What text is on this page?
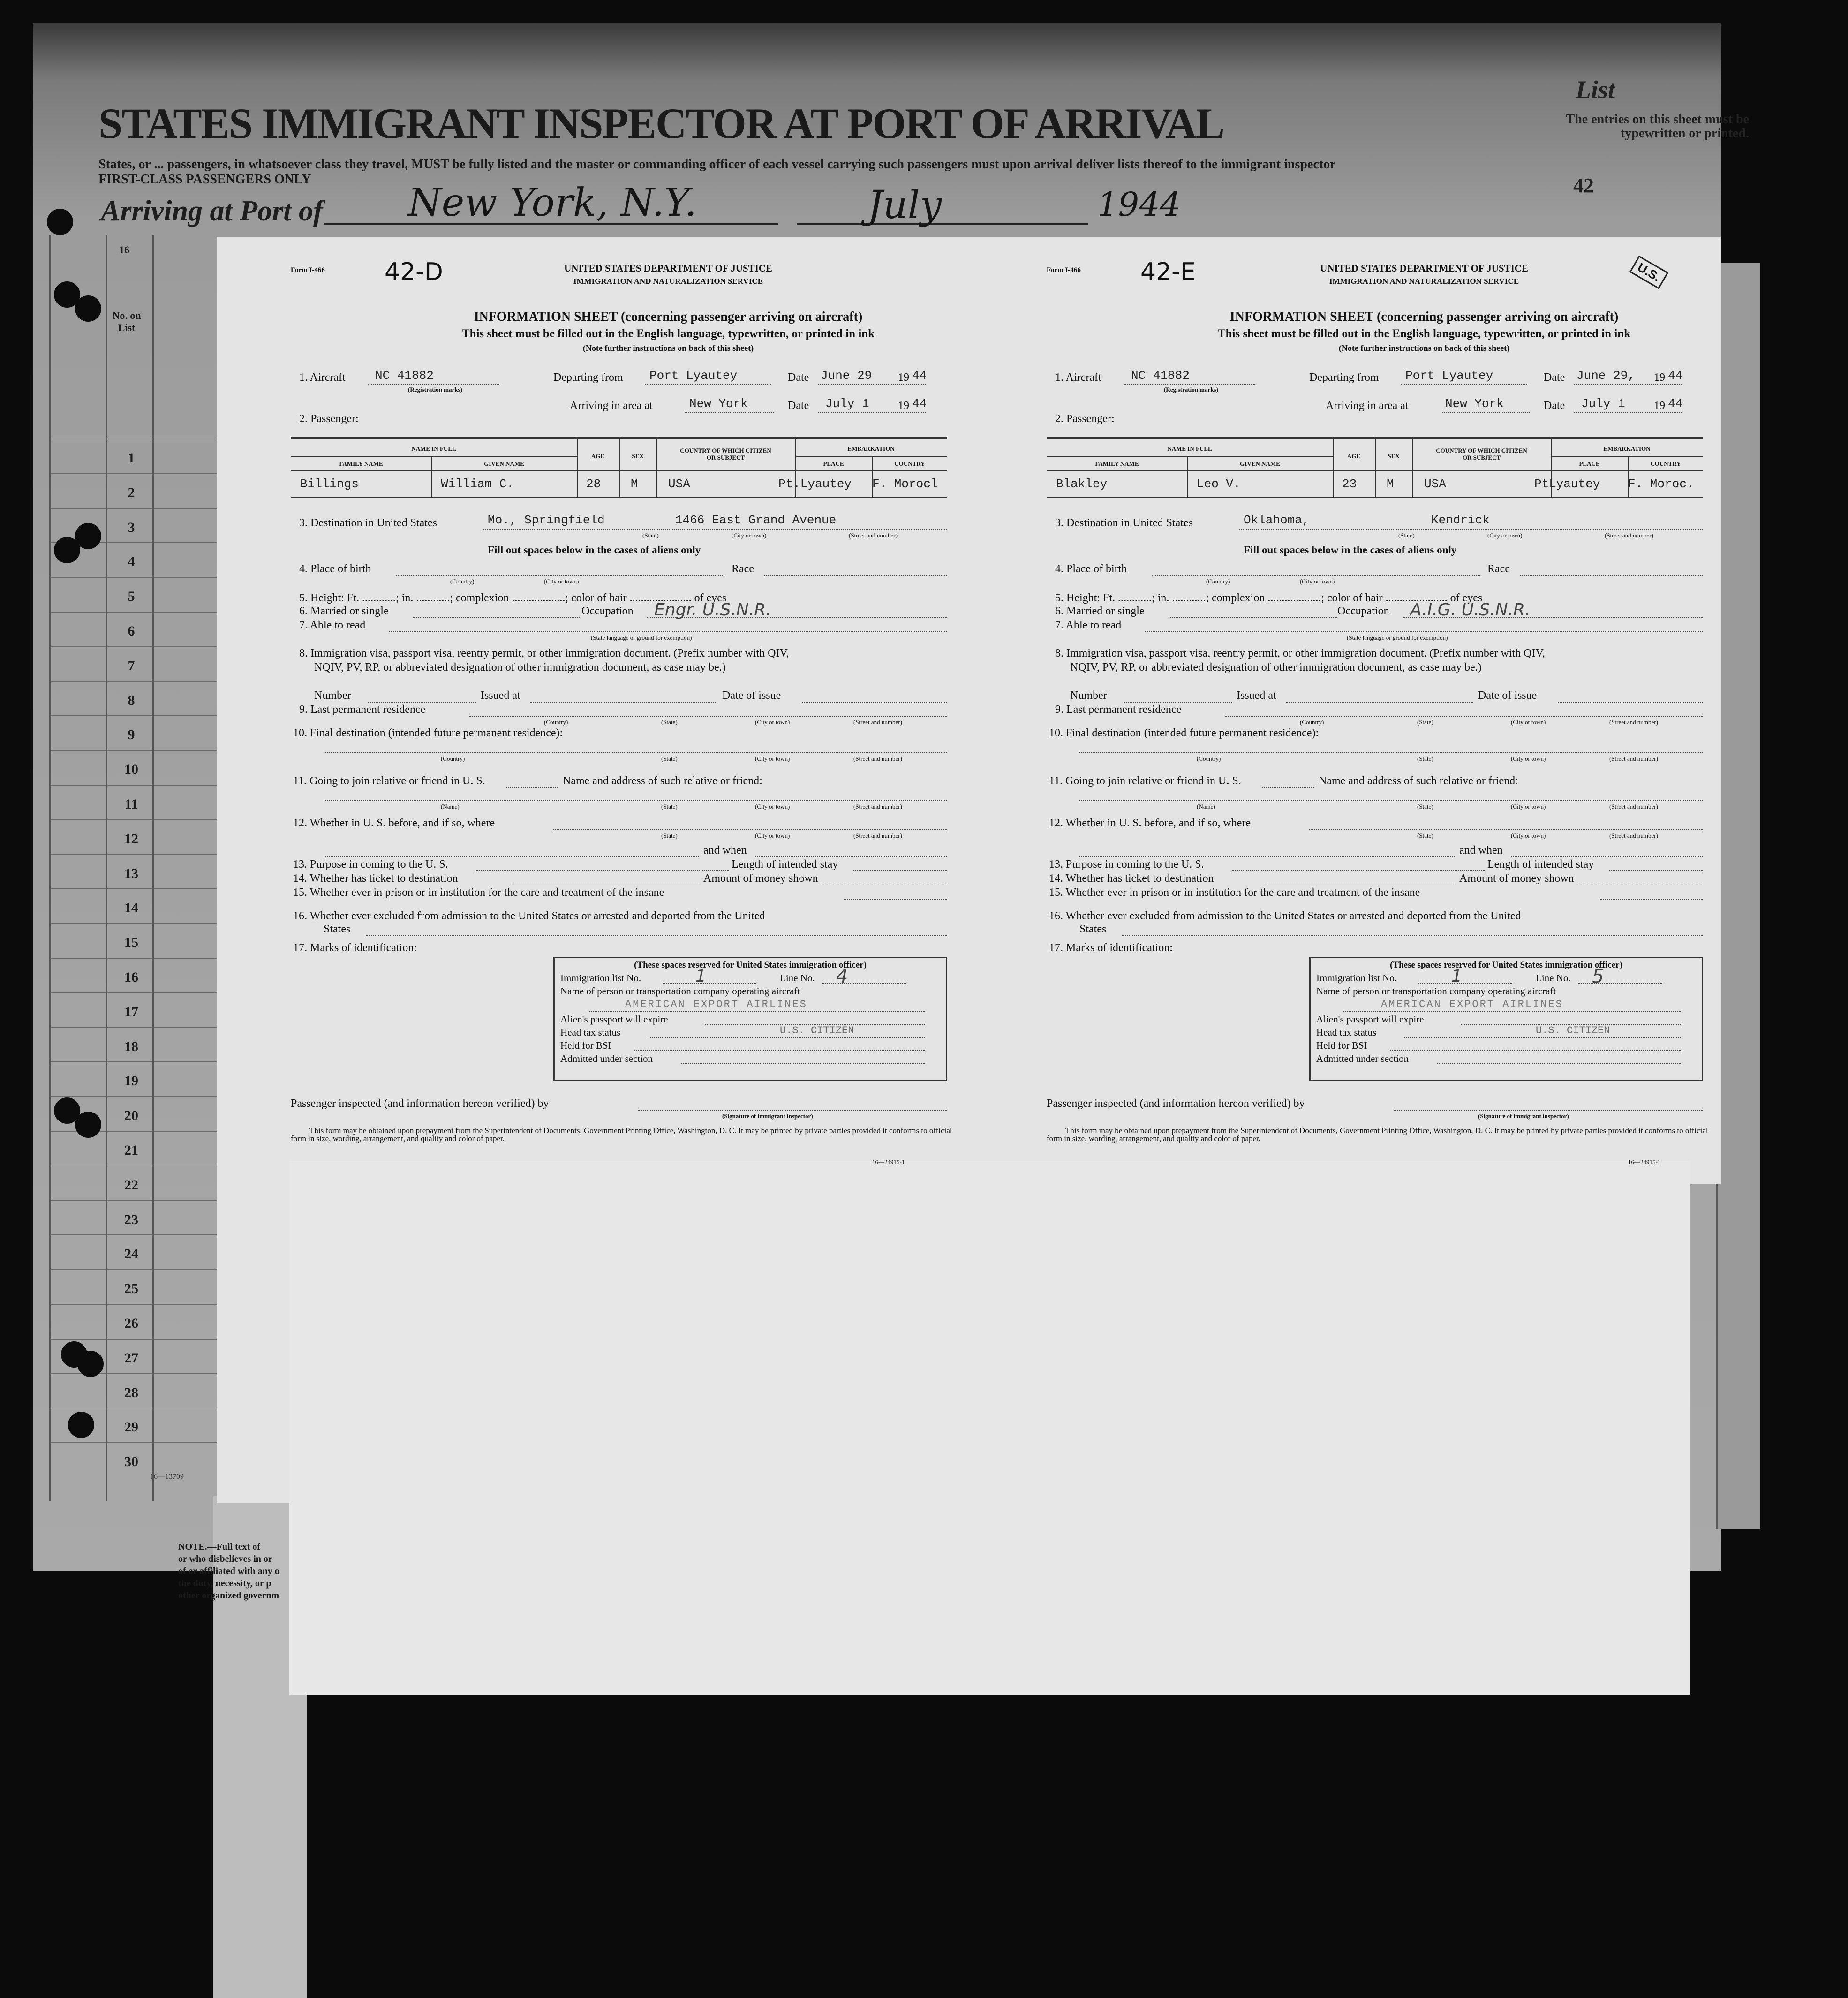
STATES IMMIGRANT INSPECTOR AT PORT OF ARRIVAL
States, or ... passengers, in whatsoever class they travel, MUST be fully listed and the master or commanding officer of each vessel carrying such passengers must upon arrival deliver lists thereof to the immigrant inspector
FIRST-CLASS PASSENGERS ONLY
Arriving at Port of New York, N.Y.	July	1944
List
The entries on this sheet must be typewritten or printed.
42
1
2
3
4
5
6
7
8
9
10
11
12
13
14
15
16
17
18
19
20
21
22
23
24
25
26
27
28
29
30
16
No. on List
16—13709
NOTE.—Full text of
or who disbelieves in or
of or affiliated with any o
the duty, necessity, or p
other organized governm
Form I-466 42-D	UNITED STATES DEPARTMENT OF JUSTICE
IMMIGRATION AND NATURALIZATION SERVICE
INFORMATION SHEET (concerning passenger arriving on aircraft)
This sheet must be filled out in the English language, typewritten, or printed in ink
(Note further instructions on back of this sheet)
1. Aircraft NC 41882
(Registration marks)
Departing from Port Lyautey	Date June 29 19 44
Arriving in area at	New York	Date July 1	19 44
2. Passenger:
NAME IN FULL
FAMILY NAME	GIVEN NAME
AGE	SEX
COUNTRY OF WHICH CITIZEN OR SUBJECT
EMBARKATION
PLACE	COUNTRY
Billings	William C.	28 M USA	Pt.Lyautey F. Morocl
3. Destination in United States	Mo., Springfield	1466 East Grand Avenue
(State)	(City or town)	(Street and number)
Fill out spaces below in the cases of aliens only
4. Place of birth
(Country)	(City or town)
Race
5. Height: Ft. ............; in. ............; complexion ...................; color of hair ...................... of eyes
6. Married or single	Occupation Engr. U.S.N.R.
7. Able to read
(State language or ground for exemption)
8. Immigration visa, passport visa, reentry permit, or other immigration document. (Prefix number with QIV,
NQIV, PV, RP, or abbreviated designation of other immigration document, as case may be.)
Number	Issued at	Date of issue
9. Last permanent residence
(Country)	(State)	(City or town)	(Street and number)
10. Final destination (intended future permanent residence):
(Country)	(State)	(City or town)	(Street and number)
11. Going to join relative or friend in U. S.	Name and address of such relative or friend:
(Name)	(State)	(City or town)	(Street and number)
12. Whether in U. S. before, and if so, where
(State)	(City or town)	(Street and number)
and when
13. Purpose in coming to the U. S.	Length of intended stay
14. Whether has ticket to destination	Amount of money shown
15. Whether ever in prison or in institution for the care and treatment of the insane
16. Whether ever excluded from admission to the United States or arrested and deported from the United
States
17. Marks of identification:
(These spaces reserved for United States immigration officer)
Immigration list No.	1	Line No. 4
Name of person or transportation company operating aircraft
AMERICAN EXPORT AIRLINES
Alien's passport will expire
Head tax status	U.S. CITIZEN
Held for BSI
Admitted under section
Passenger inspected (and information hereon verified) by
(Signature of immigrant inspector)
This form may be obtained upon prepayment from the Superintendent of Documents, Government Printing Office, Washington, D. C. It may be printed by private parties provided it conforms to official form in size, wording, arrangement, and quality and color of paper.
16—24915-1
Form I-466 42-E	UNITED STATES DEPARTMENT OF JUSTICE
IMMIGRATION AND NATURALIZATION SERVICE
INFORMATION SHEET (concerning passenger arriving on aircraft)
This sheet must be filled out in the English language, typewritten, or printed in ink
(Note further instructions on back of this sheet)
1. Aircraft NC 41882
(Registration marks)
Departing from Port Lyautey	Date June 29, 19 44
Arriving in area at	New York	Date July 1	19 44
2. Passenger:
NAME IN FULL
FAMILY NAME	GIVEN NAME
AGE	SEX
COUNTRY OF WHICH CITIZEN OR SUBJECT
EMBARKATION
PLACE	COUNTRY
Blakley	Leo V.	23 M USA	PtLyautey F. Moroc.
3. Destination in United States	Oklahoma,	Kendrick
(State)	(City or town)	(Street and number)
Fill out spaces below in the cases of aliens only
4. Place of birth
(Country)	(City or town)
Race
5. Height: Ft. ............; in. ............; complexion ...................; color of hair ...................... of eyes
6. Married or single	Occupation A.I.G. U.S.N.R.
7. Able to read
(State language or ground for exemption)
8. Immigration visa, passport visa, reentry permit, or other immigration document. (Prefix number with QIV,
NQIV, PV, RP, or abbreviated designation of other immigration document, as case may be.)
Number	Issued at	Date of issue
9. Last permanent residence
(Country)	(State)	(City or town)	(Street and number)
10. Final destination (intended future permanent residence):
(Country)	(State)	(City or town)	(Street and number)
11. Going to join relative or friend in U. S.	Name and address of such relative or friend:
(Name)	(State)	(City or town)	(Street and number)
12. Whether in U. S. before, and if so, where
(State)	(City or town)	(Street and number)
and when
13. Purpose in coming to the U. S.	Length of intended stay
14. Whether has ticket to destination	Amount of money shown
15. Whether ever in prison or in institution for the care and treatment of the insane
16. Whether ever excluded from admission to the United States or arrested and deported from the United
States
17. Marks of identification:
(These spaces reserved for United States immigration officer)
Immigration list No.	1	Line No. 5
Name of person or transportation company operating aircraft
AMERICAN EXPORT AIRLINES
Alien's passport will expire
Head tax status	U.S. CITIZEN
Held for BSI
Admitted under section
Passenger inspected (and information hereon verified) by
(Signature of immigrant inspector)
This form may be obtained upon prepayment from the Superintendent of Documents, Government Printing Office, Washington, D. C. It may be printed by private parties provided it conforms to official form in size, wording, arrangement, and quality and color of paper.
16—24915-1
U.S.
